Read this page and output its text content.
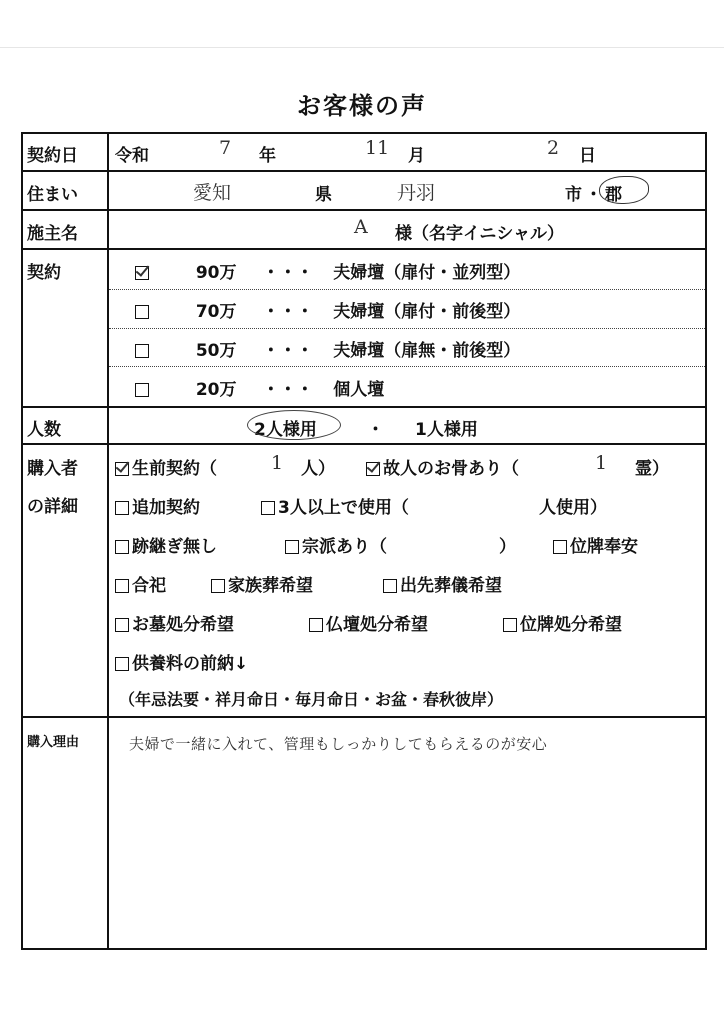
お客様の声
契約日	令和	7 年	11 月	2 日
住まい	愛知	県	丹羽	市 ・ 郡
施主名	A 様（名字イニシャル）
契約	90万 ・・・ 夫婦壇（扉付・並列型）
70万 ・・・ 夫婦壇（扉付・前後型）
50万 ・・・ 夫婦壇（扉無・前後型）
20万 ・・・ 個人壇
人数	2人様用	・ 1人様用
購入者
の詳細
生前契約（	1 人）	故人のお骨あり（	1 霊）
追加契約	3人以上で使用（	人使用）
跡継ぎ無し	宗派あり（	）	位牌奉安
合祀	家族葬希望	出先葬儀希望
お墓処分希望	仏壇処分希望	位牌処分希望
供養料の前納↓
（年忌法要・祥月命日・毎月命日・お盆・春秋彼岸）
購入理由	夫婦で一緒に入れて、管理もしっかりしてもらえるのが安心
